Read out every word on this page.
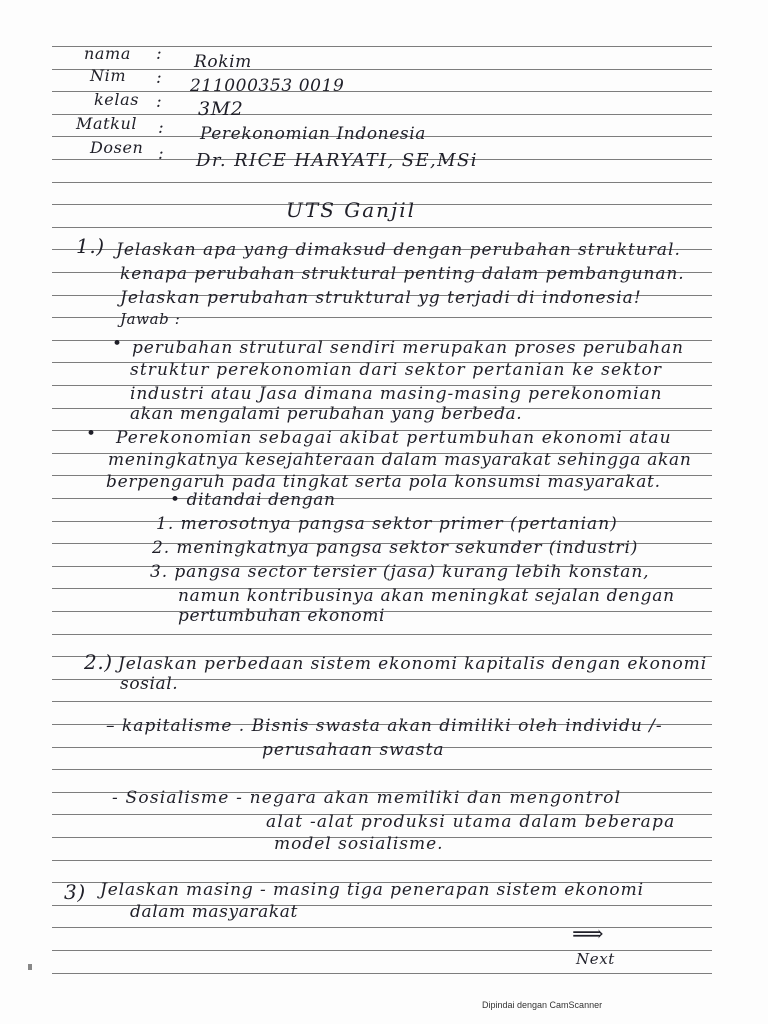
nama
Nim
kelas
Matkul
Dosen
:
:
:
:
:
Rokim
211000353 0019
3M2
Perekonomian Indonesia
Dr. RICE HARYATI, SE,MSi
UTS Ganjil
1.) Jelaskan apa yang dimaksud dengan perubahan struktural.
kenapa perubahan struktural penting dalam pembangunan.
Jelaskan perubahan struktural yg terjadi di indonesia!
Jawab :
• perubahan strutural sendiri merupakan proses perubahan
struktur perekonomian dari sektor pertanian ke sektor
industri atau Jasa dimana masing-masing perekonomian
akan mengalami perubahan yang berbeda.
• Perekonomian sebagai akibat pertumbuhan ekonomi atau
meningkatnya kesejahteraan dalam masyarakat sehingga akan
berpengaruh pada tingkat serta pola konsumsi masyarakat.
• ditandai dengan
1. merosotnya pangsa sektor primer (pertanian)
2. meningkatnya pangsa sektor sekunder (industri)
3. pangsa sector tersier (jasa) kurang lebih konstan,
namun kontribusinya akan meningkat sejalan dengan
pertumbuhan ekonomi
2.) Jelaskan perbedaan sistem ekonomi kapitalis dengan ekonomi
sosial.
– kapitalisme . Bisnis swasta akan dimiliki oleh individu /-
perusahaan swasta
- Sosialisme - negara akan memiliki dan mengontrol
alat -alat produksi utama dalam beberapa
model sosialisme.
3) Jelaskan masing - masing tiga penerapan sistem ekonomi
dalam masyarakat
⟹
Next
Dipindai dengan CamScanner
